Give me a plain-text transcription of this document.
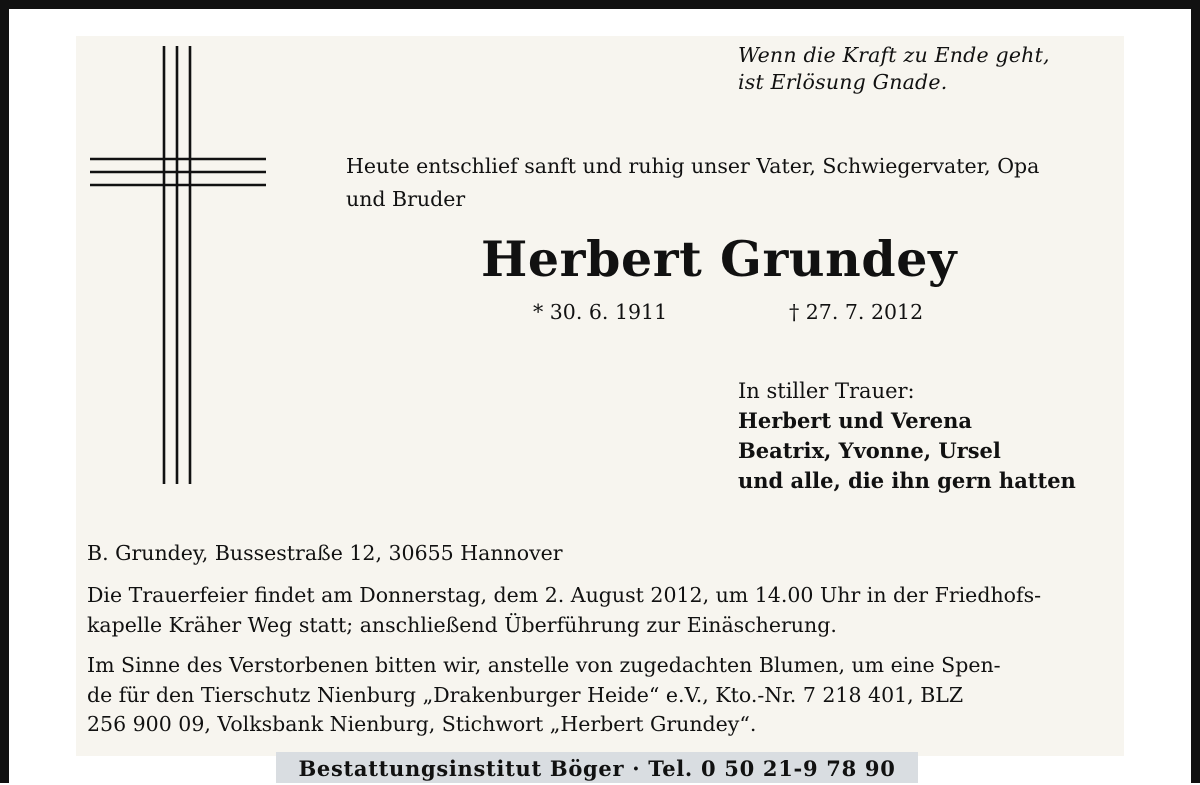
Wenn die Kraft zu Ende geht,
ist Erlösung Gnade.
Heute entschlief sanft und ruhig unser Vater, Schwiegervater, Opa
und Bruder
Herbert Grundey
* 30. 6. 1911	† 27. 7. 2012
In stiller Trauer:
Herbert und Verena
Beatrix, Yvonne, Ursel
und alle, die ihn gern hatten
B. Grundey, Bussestraße 12, 30655 Hannover
Die Trauerfeier findet am Donnerstag, dem 2. August 2012, um 14.00 Uhr in der Friedhofs-
kapelle Kräher Weg statt; anschließend Überführung zur Einäscherung.
Im Sinne des Verstorbenen bitten wir, anstelle von zugedachten Blumen, um eine Spen-
de für den Tierschutz Nienburg „Drakenburger Heide“ e.V., Kto.-Nr. 7 218 401, BLZ
256 900 09, Volksbank Nienburg, Stichwort „Herbert Grundey“.
Bestattungsinstitut Böger · Tel. 0 50 21-9 78 90
